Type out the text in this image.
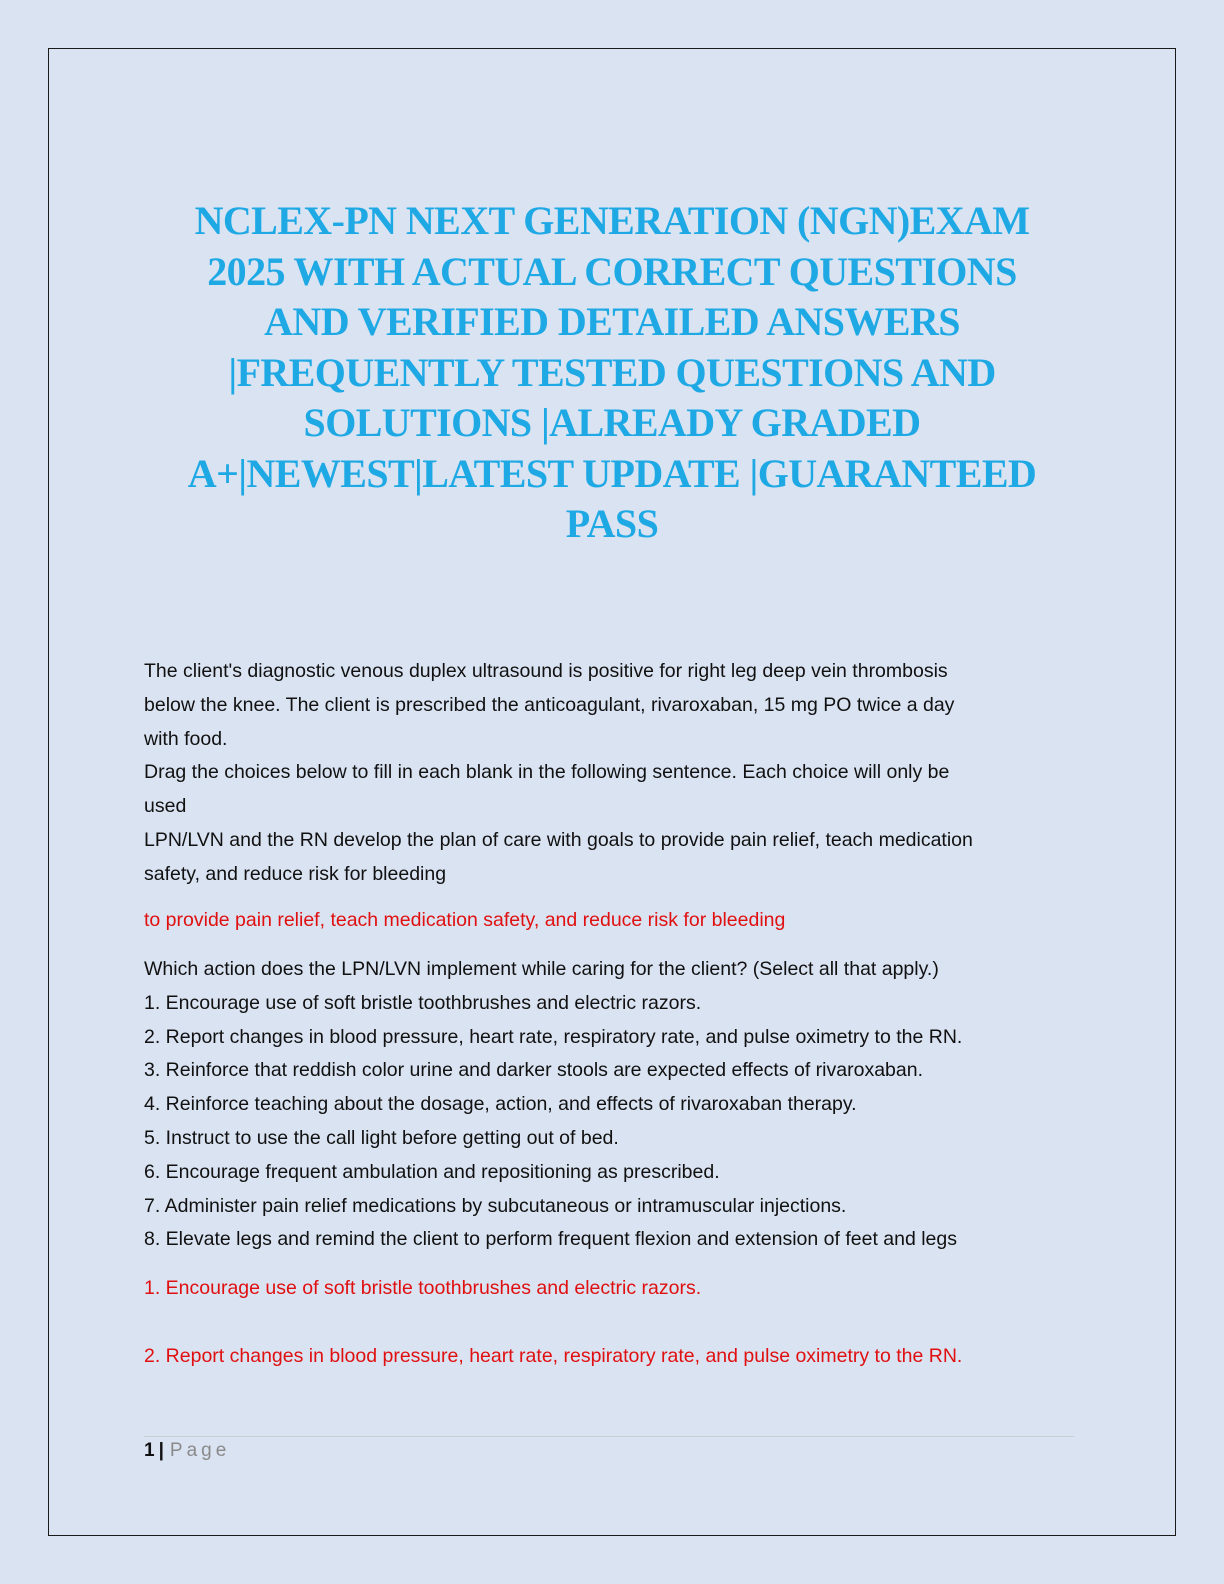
NCLEX-PN NEXT GENERATION (NGN)EXAM
2025 WITH ACTUAL CORRECT QUESTIONS
AND VERIFIED DETAILED ANSWERS
|FREQUENTLY TESTED QUESTIONS AND
SOLUTIONS |ALREADY GRADED
A+|NEWEST|LATEST UPDATE |GUARANTEED
PASS
The client's diagnostic venous duplex ultrasound is positive for right leg deep vein thrombosis
below the knee. The client is prescribed the anticoagulant, rivaroxaban, 15 mg PO twice a day
with food.
Drag the choices below to fill in each blank in the following sentence. Each choice will only be
used
LPN/LVN and the RN develop the plan of care with goals to provide pain relief, teach medication
safety, and reduce risk for bleeding
to provide pain relief, teach medication safety, and reduce risk for bleeding
Which action does the LPN/LVN implement while caring for the client? (Select all that apply.)
1. Encourage use of soft bristle toothbrushes and electric razors.
2. Report changes in blood pressure, heart rate, respiratory rate, and pulse oximetry to the RN.
3. Reinforce that reddish color urine and darker stools are expected effects of rivaroxaban.
4. Reinforce teaching about the dosage, action, and effects of rivaroxaban therapy.
5. Instruct to use the call light before getting out of bed.
6. Encourage frequent ambulation and repositioning as prescribed.
7. Administer pain relief medications by subcutaneous or intramuscular injections.
8. Elevate legs and remind the client to perform frequent flexion and extension of feet and legs
1. Encourage use of soft bristle toothbrushes and electric razors.
2. Report changes in blood pressure, heart rate, respiratory rate, and pulse oximetry to the RN.
1 | Page
